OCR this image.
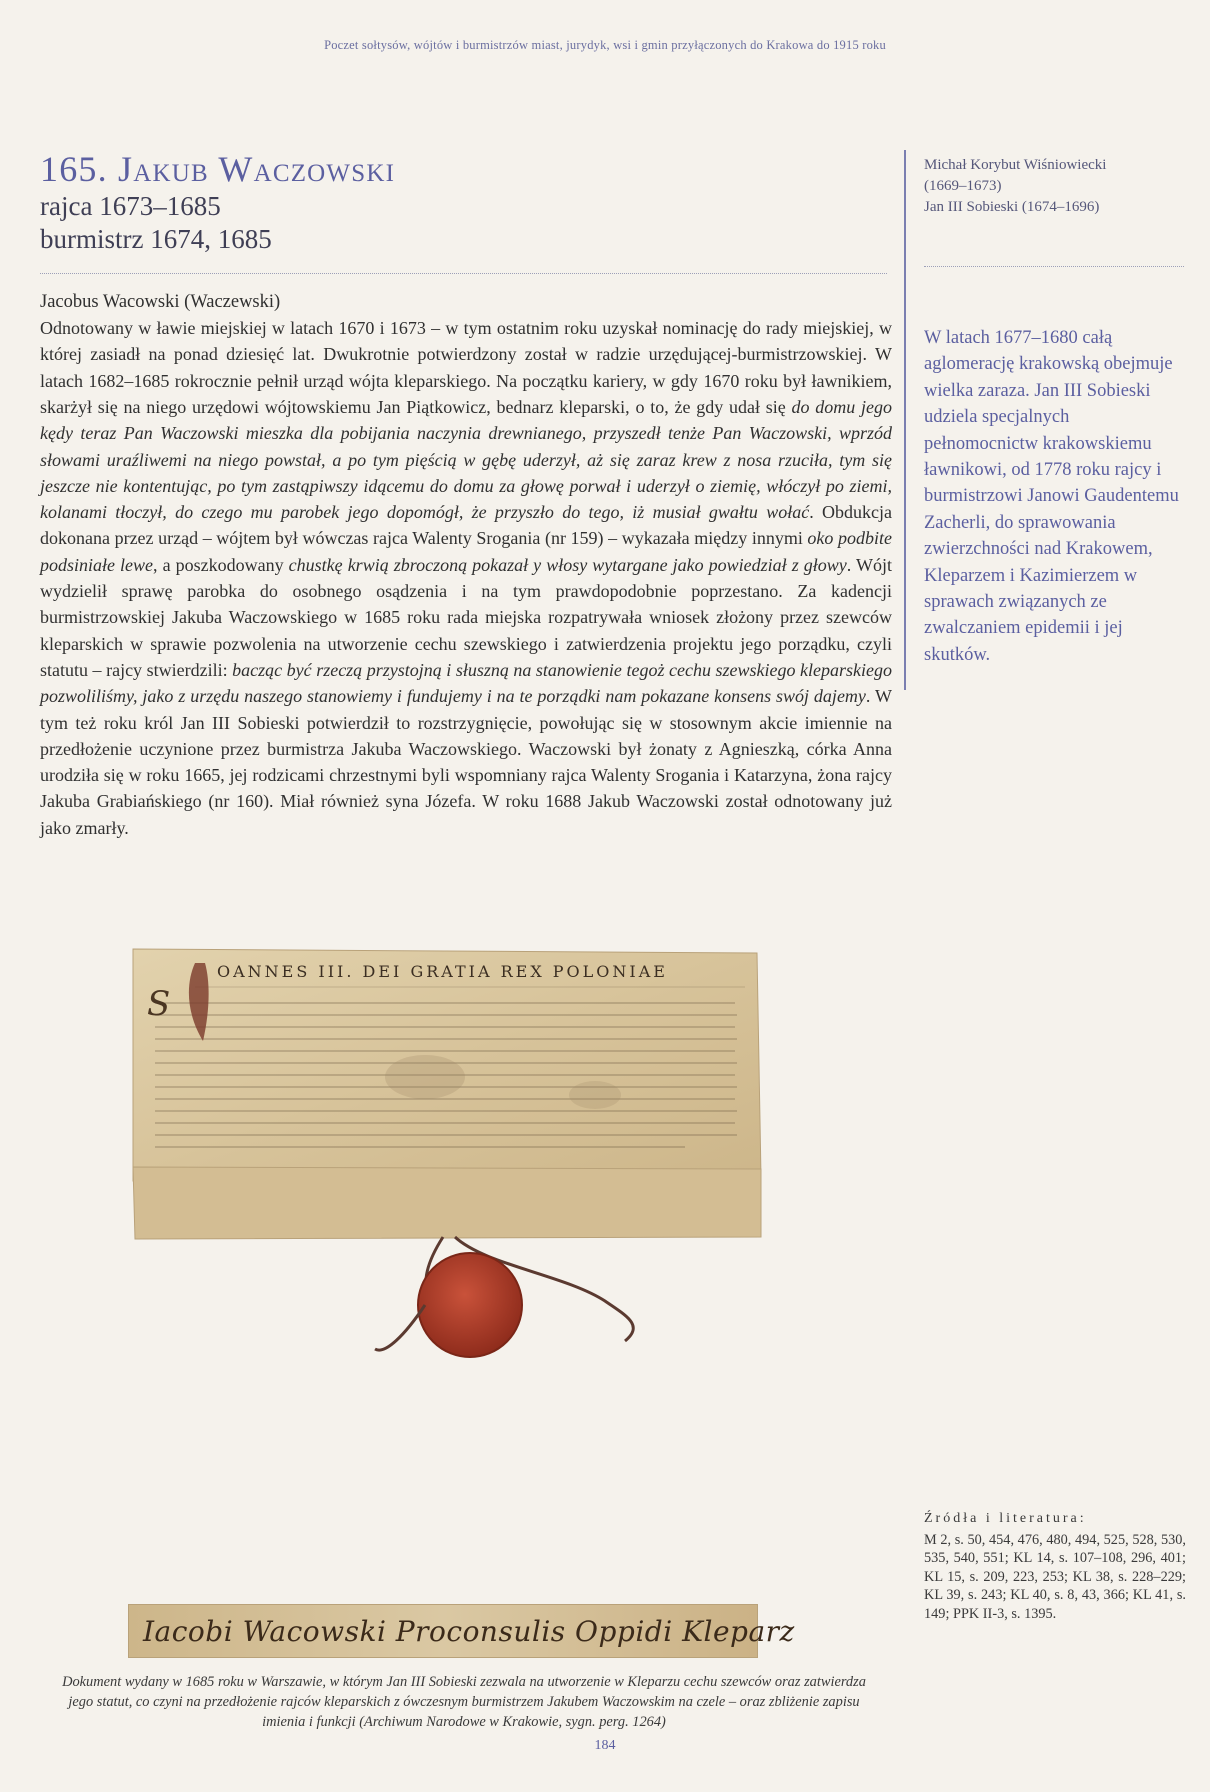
Poczet sołtysów, wójtów i burmistrzów miast, jurydyk, wsi i gmin przyłączonych do Krakowa do 1915 roku
165. Jakub Waczowski
rajca 1673–1685
burmistrz 1674, 1685

Jacobus Wacowski (Waczewski)

Odnotowany w ławie miejskiej w latach 1670 i 1673 – w tym ostatnim roku uzyskał nominację do rady miejskiej, w której zasiadł na ponad dziesięć lat. Dwukrotnie potwierdzony został w radzie urzędującej-burmistrzowskiej. W latach 1682–1685 rokrocznie pełnił urząd wójta kleparskiego. Na początku kariery, w gdy 1670 roku był ławnikiem, skarżył się na niego urzędowi wójtowskiemu Jan Piątkowicz, bednarz kleparski, o to, że gdy udał się do domu jego kędy teraz Pan Waczowski mieszka dla pobijania naczynia drewnianego, przyszedł tenże Pan Waczowski, wprzód słowami uraźliwemi na niego powstał, a po tym pięścią w gębę uderzył, aż się zaraz krew z nosa rzuciła, tym się jeszcze nie kontentując, po tym zastąpiwszy idącemu do domu za głowę porwał i uderzył o ziemię, włóczył po ziemi, kolanami tłoczył, do czego mu parobek jego dopomógł, że przyszło do tego, iż musiał gwałtu wołać. Obdukcja dokonana przez urząd – wójtem był wówczas rajca Walenty Srogania (nr 159) – wykazała między innymi oko podbite podsiniałe lewe, a poszkodowany chustkę krwią zbroczoną pokazał y włosy wytargane jako powiedział z głowy. Wójt wydzielił sprawę parobka do osobnego osądzenia i na tym prawdopodobnie poprzestano. Za kadencji burmistrzowskiej Jakuba Waczowskiego w 1685 roku rada miejska rozpatrywała wniosek złożony przez szewców kleparskich w sprawie pozwolenia na utworzenie cechu szewskiego i zatwierdzenia projektu jego porządku, czyli statutu – rajcy stwierdzili: bacząc być rzeczą przystojną i słuszną na stanowienie tegoż cechu szewskiego kleparskiego pozwoliliśmy, jako z urzędu naszego stanowiemy i fundujemy i na te porządki nam pokazane konsens swój dajemy. W tym też roku król Jan III Sobieski potwierdził to rozstrzygnięcie, powołując się w stosownym akcie imiennie na przedłożenie uczynione przez burmistrza Jakuba Waczowskiego. Waczowski był żonaty z Agnieszką, córka Anna urodziła się w roku 1665, jej rodzicami chrzestnymi byli wspomniany rajca Walenty Srogania i Katarzyna, żona rajcy Jakuba Grabiańskiego (nr 160). Miał również syna Józefa. W roku 1688 Jakub Waczowski został odnotowany już jako zmarły.

Michał Korybut Wiśniowiecki
(1669–1673)
Jan III Sobieski (1674–1696)
W latach 1677–1680 całą aglomerację krakowską obejmuje wielka zaraza. Jan III Sobieski udziela specjalnych pełnomocnictw krakowskiemu ławnikowi, od 1778 roku rajcy i burmistrzowi Janowi Gaudentemu Zacherli, do sprawowania zwierzchności nad Krakowem, Kleparzem i Kazimierzem w sprawach związanych ze zwalczaniem epidemii i jej skutków.
S
OANNES III. DEI GRATIA REX POLONIAE
Iacobi Wacowski Proconsulis Oppidi Kleparz
Dokument wydany w 1685 roku w Warszawie, w którym Jan III Sobieski zezwala na utworzenie w Kleparzu cechu szewców oraz zatwierdza jego statut, co czyni na przedłożenie rajców kleparskich z ówczesnym burmistrzem Jakubem Waczowskim na czele – oraz zbliżenie zapisu imienia i funkcji (Archiwum Narodowe w Krakowie, sygn. perg. 1264)
Źródła i literatura:
M 2, s. 50, 454, 476, 480, 494, 525, 528, 530, 535, 540, 551; KL 14, s. 107–108, 296, 401; KL 15, s. 209, 223, 253; KL 38, s. 228–229; KL 39, s. 243; KL 40, s. 8, 43, 366; KL 41, s. 149; PPK II-3, s. 1395.
184
